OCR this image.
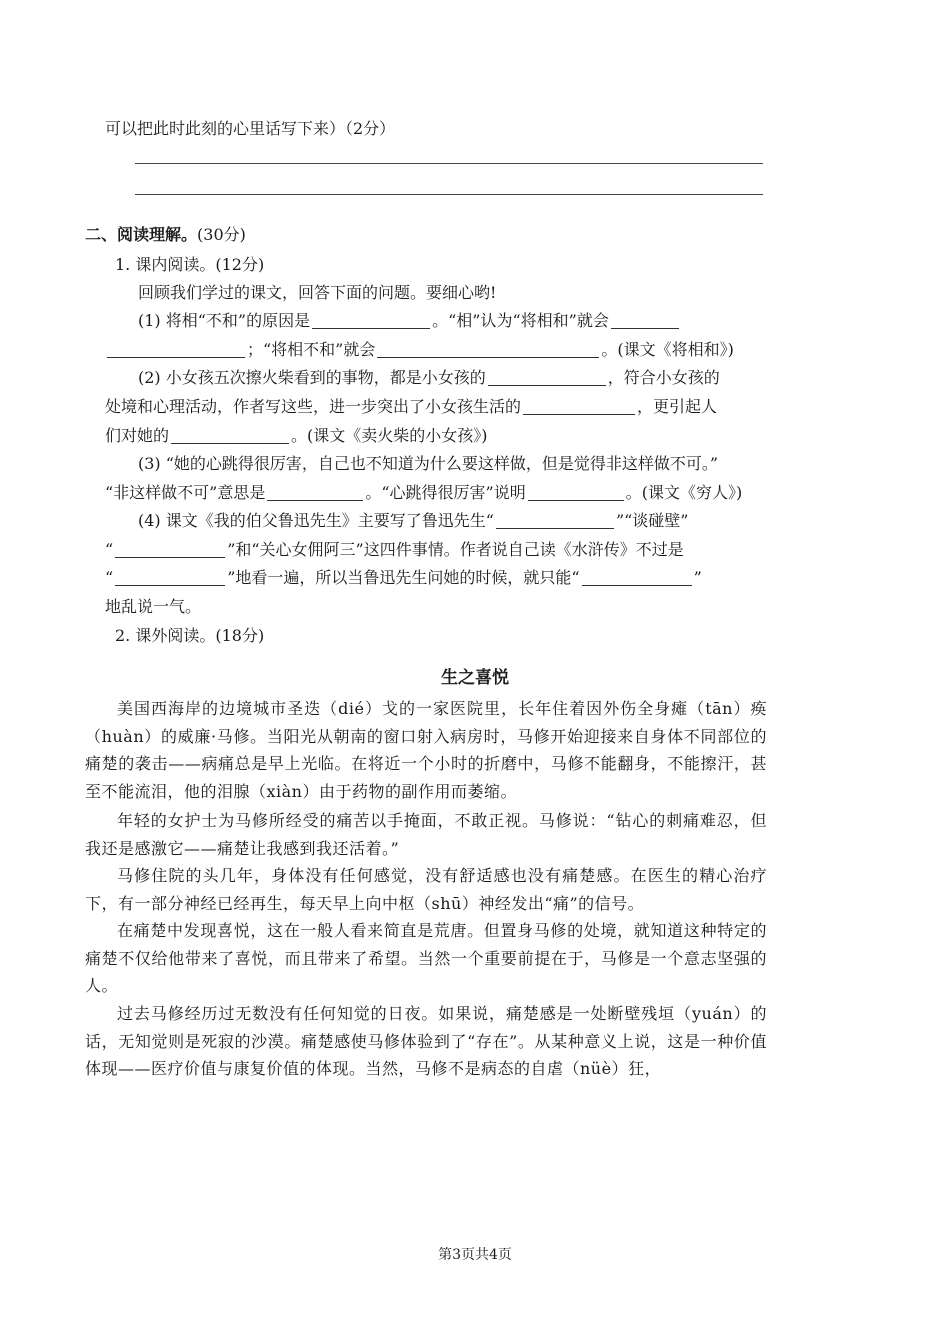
可以把此时此刻的心里话写下来）（2分）
二、阅读理解。(30分)
1. 课内阅读。(12分)
回顾我们学过的课文，回答下面的问题。要细心哟!
(1) 将相“不和”的原因是	。“相”认为“将相和”就会
；“将相不和”就会	。(课文《将相和》)
(2) 小女孩五次擦火柴看到的事物，都是小女孩的	，符合小女孩的
处境和心理活动，作者写这些，进一步突出了小女孩生活的	，更引起人
们对她的	。(课文《卖火柴的小女孩》)
(3) “她的心跳得很厉害，自己也不知道为什么要这样做，但是觉得非这样做不可。”
“非这样做不可”意思是	。“心跳得很厉害”说明	。(课文《穷人》)
(4) 课文《我的伯父鲁迅先生》主要写了鲁迅先生“	”“谈碰壁”
“	”和“关心女佣阿三”这四件事情。作者说自己读《水浒传》不过是
“	”地看一遍，所以当鲁迅先生问她的时候，就只能“	”
地乱说一气。
2. 课外阅读。(18分)
生之喜悦

美国西海岸的边境城市圣迭（dié）戈的一家医院里，长年住着因外伤全身瘫（tān）痪（huàn）的威廉·马修。当阳光从朝南的窗口射入病房时，马修开始迎接来自身体不同部位的痛楚的袭击——病痛总是早上光临。在将近一个小时的折磨中，马修不能翻身，不能擦汗，甚至不能流泪，他的泪腺（xiàn）由于药物的副作用而萎缩。

年轻的女护士为马修所经受的痛苦以手掩面，不敢正视。马修说：“钻心的刺痛难忍，但我还是感激它——痛楚让我感到我还活着。”

马修住院的头几年，身体没有任何感觉，没有舒适感也没有痛楚感。在医生的精心治疗下，有一部分神经已经再生，每天早上向中枢（shū）神经发出“痛”的信号。

在痛楚中发现喜悦，这在一般人看来简直是荒唐。但置身马修的处境，就知道这种特定的痛楚不仅给他带来了喜悦，而且带来了希望。当然一个重要前提在于，马修是一个意志坚强的人。

过去马修经历过无数没有任何知觉的日夜。如果说，痛楚感是一处断壁残垣（yuán）的话，无知觉则是死寂的沙漠。痛楚感使马修体验到了“存在”。从某种意义上说，这是一种价值体现——医疗价值与康复价值的体现。当然，马修不是病态的自虐（nüè）狂，

第3页共4页
